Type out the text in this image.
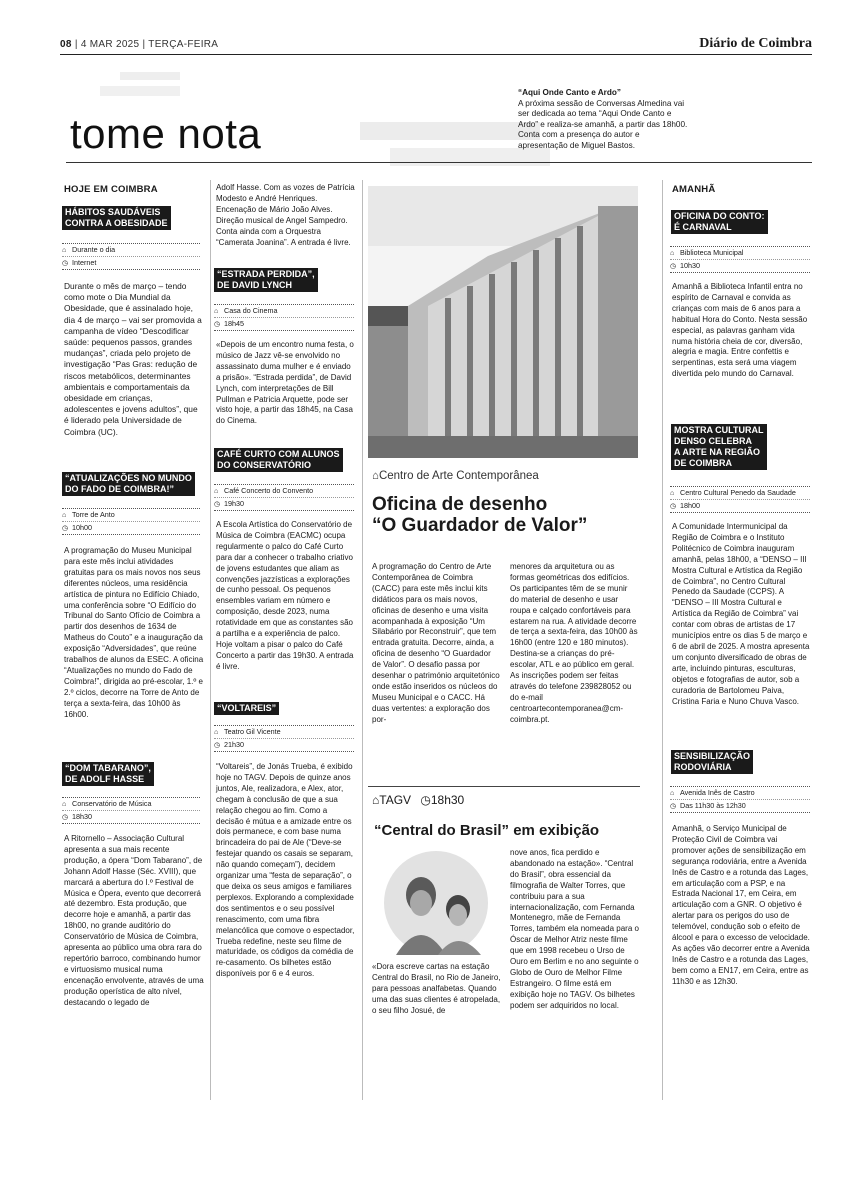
08 | 4 MAR 2025 | TERÇA-FEIRA	Diário de Coimbra
tome nota
“Aqui Onde Canto e Ardo”
A próxima sessão de Conversas Almedina vai ser dedicada ao tema “Aqui Onde Canto e Ardo” e realiza-se amanhã, a partir das 18h00. Conta com a presença do autor e apresentação de Miguel Bastos.
HOJE EM COIMBRA
HÁBITOS SAUDÁVEIS
CONTRA A OBESIDADE
⌂ Durante o dia
◷ Internet
Durante o mês de março – tendo como mote o Dia Mundial da Obesidade, que é assinalado hoje, dia 4 de março – vai ser promovida a campanha de vídeo “Descodificar saúde: pequenos passos, grandes mudanças”, criada pelo projeto de investigação “Pas Gras: redução de riscos metabólicos, determinantes ambientais e comportamentais da obesidade em crianças, adolescentes e jovens adultos”, que é liderado pela Universidade de Coimbra (UC).
“ATUALIZAÇÕES NO MUNDO
DO FADO DE COIMBRA!”
⌂ Torre de Anto
◷ 10h00
A programação do Museu Municipal para este mês inclui atividades gratuitas para os mais novos nos seus diferentes núcleos, uma residência artística de pintura no Edifício Chiado, uma conferência sobre “O Edifício do Tribunal do Santo Ofício de Coimbra a partir dos desenhos de 1634 de Matheus do Couto” e a inauguração da exposição “Adversidades”, que reúne trabalhos de alunos da ESEC. A oficina “Atualizações no mundo do Fado de Coimbra!”, dirigida ao pré-escolar, 1.º e 2.º ciclos, decorre na Torre de Anto de terça a sexta-feira, das 10h00 às 16h00.
“DOM TABARANO”,
DE ADOLF HASSE
⌂ Conservatório de Música
◷ 18h30
A Ritornello – Associação Cultural apresenta a sua mais recente produção, a ópera “Dom Tabarano”, de Johann Adolf Hasse (Séc. XVIII), que marcará a abertura do I.º Festival de Música e Ópera, evento que decorrerá até dezembro. Esta produção, que decorre hoje e amanhã, a partir das 18h00, no grande auditório do Conservatório de Música de Coimbra, apresenta ao público uma obra rara do repertório barroco, combinando humor e virtuosismo musical numa encenação envolvente, através de uma produção operística de alto nível, destacando o legado de
Adolf Hasse. Com as vozes de Patrícia Modesto e André Henriques. Encenação de Mário João Alves. Direção musical de Angel Sampedro. Conta ainda com a Orquestra “Camerata Joanina”. A entrada é livre.
“ESTRADA PERDIDA”,
DE DAVID LYNCH
⌂ Casa do Cinema
◷ 18h45
«Depois de um encontro numa festa, o músico de Jazz vê-se envolvido no assassinato duma mulher e é enviado a prisão». “Estrada perdida”, de David Lynch, com interpretações de Bill Pullman e Patricia Arquette, pode ser visto hoje, a partir das 18h45, na Casa do Cinema.
CAFÉ CURTO COM ALUNOS
DO CONSERVATÓRIO
⌂ Café Concerto do Convento
◷ 19h30
A Escola Artística do Conservatório de Música de Coimbra (EACMC) ocupa regularmente o palco do Café Curto para dar a conhecer o trabalho criativo de jovens estudantes que aliam as convenções jazzísticas a explorações de cunho pessoal. Os pequenos ensembles variam em número e composição, desde 2023, numa rotatividade em que as constantes são a partilha e a experiência de palco. Hoje voltam a pisar o palco do Café Concerto a partir das 19h30. A entrada é livre.
“VOLTAREIS”
⌂ Teatro Gil Vicente
◷ 21h30
“Voltareis”, de Jonás Trueba, é exibido hoje no TAGV. Depois de quinze anos juntos, Ale, realizadora, e Alex, ator, chegam à conclusão de que a sua relação chegou ao fim. Como a decisão é mútua e a amizade entre os dois permanece, e com base numa brincadeira do pai de Ale (“Deve-se festejar quando os casais se separam, não quando começam”), decidem organizar uma “festa de separação”, o que deixa os seus amigos e familiares perplexos. Explorando a complexidade dos sentimentos e o seu possível renascimento, com uma fibra melancólica que comove o espectador, Trueba redefine, neste seu filme de maturidade, os códigos da comédia de re-casamento. Os bilhetes estão disponíveis por 6 e 4 euros.
⌂Centro de Arte Contemporânea
Oficina de desenho
“O Guardador de Valor”
A programação do Centro de Arte Contemporânea de Coimbra (CACC) para este mês inclui kits didáticos para os mais novos, oficinas de desenho e uma visita acompanhada à exposição “Um Silabário por Reconstruir”, que tem entrada gratuita. Decorre, ainda, a oficina de desenho “O Guardador de Valor”. O desafio passa por desenhar o património arquitetónico onde estão inseridos os núcleos do Museu Municipal e o CACC. Há duas vertentes: a exploração dos por-
menores da arquitetura ou as formas geométricas dos edifícios. Os participantes têm de se munir do material de desenho e usar roupa e calçado confortáveis para estarem na rua. A atividade decorre de terça a sexta-feira, das 10h00 às 16h00 (entre 120 e 180 minutos). Destina-se a crianças do pré-escolar, ATL e ao público em geral. As inscrições podem ser feitas através do telefone 239828052 ou do e-mail centroartecontemporanea@cm-coimbra.pt.
⌂TAGV ◷18h30
“Central do Brasil” em exibição
«Dora escreve cartas na estação Central do Brasil, no Rio de Janeiro, para pessoas analfabetas. Quando uma das suas clientes é atropelada, o seu filho Josué, de
nove anos, fica perdido e abandonado na estação». “Central do Brasil”, obra essencial da filmografia de Walter Torres, que contribuiu para a sua internacionalização, com Fernanda Montenegro, mãe de Fernanda Torres, também ela nomeada para o Óscar de Melhor Atriz neste filme que em 1998 recebeu o Urso de Ouro em Berlim e no ano seguinte o Globo de Ouro de Melhor Filme Estrangeiro. O filme está em exibição hoje no TAGV. Os bilhetes podem ser adquiridos no local.
AMANHÃ
OFICINA DO CONTO:
É CARNAVAL
⌂ Biblioteca Municipal
◷ 10h30
Amanhã a Biblioteca Infantil entra no espírito de Carnaval e convida as crianças com mais de 6 anos para a habitual Hora do Conto. Nesta sessão especial, as palavras ganham vida numa história cheia de cor, diversão, alegria e magia. Entre confettis e serpentinas, esta será uma viagem divertida pelo mundo do Carnaval.
MOSTRA CULTURAL
DENSO CELEBRA
A ARTE NA REGIÃO
DE COIMBRA
⌂ Centro Cultural Penedo da Saudade
◷ 18h00
A Comunidade Intermunicipal da Região de Coimbra e o Instituto Politécnico de Coimbra inauguram amanhã, pelas 18h00, a “DENSO – III Mostra Cultural e Artística da Região de Coimbra”, no Centro Cultural Penedo da Saudade (CCPS). A “DENSO – III Mostra Cultural e Artística da Região de Coimbra” vai contar com obras de artistas de 17 municípios entre os dias 5 de março e 6 de abril de 2025. A mostra apresenta um conjunto diversificado de obras de arte, incluindo pinturas, esculturas, objetos e fotografias de autor, sob a curadoria de Bartolomeu Paiva, Cristina Faria e Nuno Chuva Vasco.
SENSIBILIZAÇÃO
RODOVIÁRIA
⌂ Avenida Inês de Castro
◷ Das 11h30 às 12h30
Amanhã, o Serviço Municipal de Proteção Civil de Coimbra vai promover ações de sensibilização em segurança rodoviária, entre a Avenida Inês de Castro e a rotunda das Lages, em articulação com a PSP, e na Estrada Nacional 17, em Ceira, em articulação com a GNR. O objetivo é alertar para os perigos do uso de telemóvel, condução sob o efeito de álcool e para o excesso de velocidade. As ações vão decorrer entre a Avenida Inês de Castro e a rotunda das Lages, bem como a EN17, em Ceira, entre as 11h30 e as 12h30.
